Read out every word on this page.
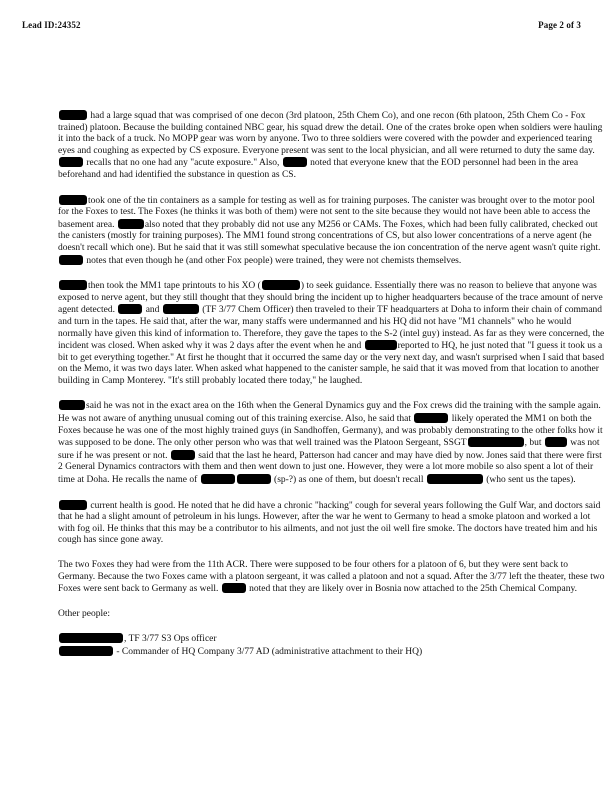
Lead ID:24352	Page 2 of 3

had a large squad that was comprised of one decon (3rd platoon, 25th Chem Co), and one recon (6th platoon, 25th Chem Co - Fox trained) platoon. Because the building contained NBC gear, his squad drew the detail. One of the crates broke open when soldiers were hauling it into the back of a truck. No MOPP gear was worn by anyone. Two to three soldiers were covered with the powder and experienced tearing eyes and coughing as expected by CS exposure. Everyone present was sent to the local physician, and all were returned to duty the same day.  recalls that no one had any "acute exposure." Also,	noted that everyone knew that the EOD personnel had been in the area beforehand and had identified the substance in question as CS.

took one of the tin containers as a sample for testing as well as for training purposes. The canister was brought over to the motor pool for the Foxes to test. The Foxes (he thinks it was both of them) were not sent to the site because they would not have been able to access the basement area.	also noted that they probably did not use any M256 or CAMs. The Foxes, which had been fully calibrated, checked out the canisters (mostly for training purposes). The MM1 found strong concentrations of CS, but also lower concentrations of a nerve agent (he doesn't recall which one). But he said that it was still somewhat speculative because the ion concentration of the nerve agent wasn't quite right.  notes that even though he (and other Fox people) were trained, they were not chemists themselves.

then took the MM1 tape printouts to his XO (	) to seek guidance. Essentially there was no reason to believe that anyone was exposed to nerve agent, but they still thought that they should bring the incident up to higher headquarters because of the trace amount of nerve agent detected.	and	(TF 3/77 Chem Officer) then traveled to their TF headquarters at Doha to inform their chain of command and turn in the tapes. He said that, after the war, many staffs were undermanned and his HQ did not have "M1 channels" who he would normally have given this kind of information to. Therefore, they gave the tapes to the S-2 (intel guy) instead. As far as they were concerned, the incident was closed. When asked why it was 2 days after the event when he and	reported to HQ, he just noted that "I guess it took us a bit to get everything together." At first he thought that it occurred the same day or the very next day, and wasn't surprised when I said that based on the Memo, it was two days later. When asked what happened to the canister sample, he said that it was moved from that location to another building in Camp Monterey. "It's still probably located there today," he laughed.

said he was not in the exact area on the 16th when the General Dynamics guy and the Fox crews did the training with the sample again. He was not aware of anything unusual coming out of this training exercise. Also, he said that	likely operated the MM1 on both the Foxes because he was one of the most highly trained guys (in Sandhoffen, Germany), and was probably demonstrating to the other folks how it was supposed to be done. The only other person who was that well trained was the Platoon Sergeant, SSGT	, but	was not sure if he was present or not.	said that the last he heard, Patterson had cancer and may have died by now. Jones said that there were first 2 General Dynamics contractors with them and then went down to just one. However, they were a lot more mobile so also spent a lot of their time at Doha. He recalls the name of	(sp-?) as one of them, but doesn't recall	(who sent us the tapes).

current health is good. He noted that he did have a chronic "hacking" cough for several years following the Gulf War, and doctors said that he had a slight amount of petroleum in his lungs. However, after the war he went to Germany to head a smoke platoon and worked a lot with fog oil. He thinks that this may be a contributor to his ailments, and not just the oil well fire smoke. The doctors have treated him and his cough has since gone away.

The two Foxes they had were from the 11th ACR. There were supposed to be four others for a platoon of 6, but they were sent back to Germany. Because the two Foxes came with a platoon sergeant, it was called a platoon and not a squad. After the 3/77 left the theater, these two Foxes were sent back to Germany as well.	noted that they are likely over in Bosnia now attached to the 25th Chemical Company.

Other people:

, TF 3/77 S3 Ops officer
- Commander of HQ Company 3/77 AD (administrative attachment to their HQ)
